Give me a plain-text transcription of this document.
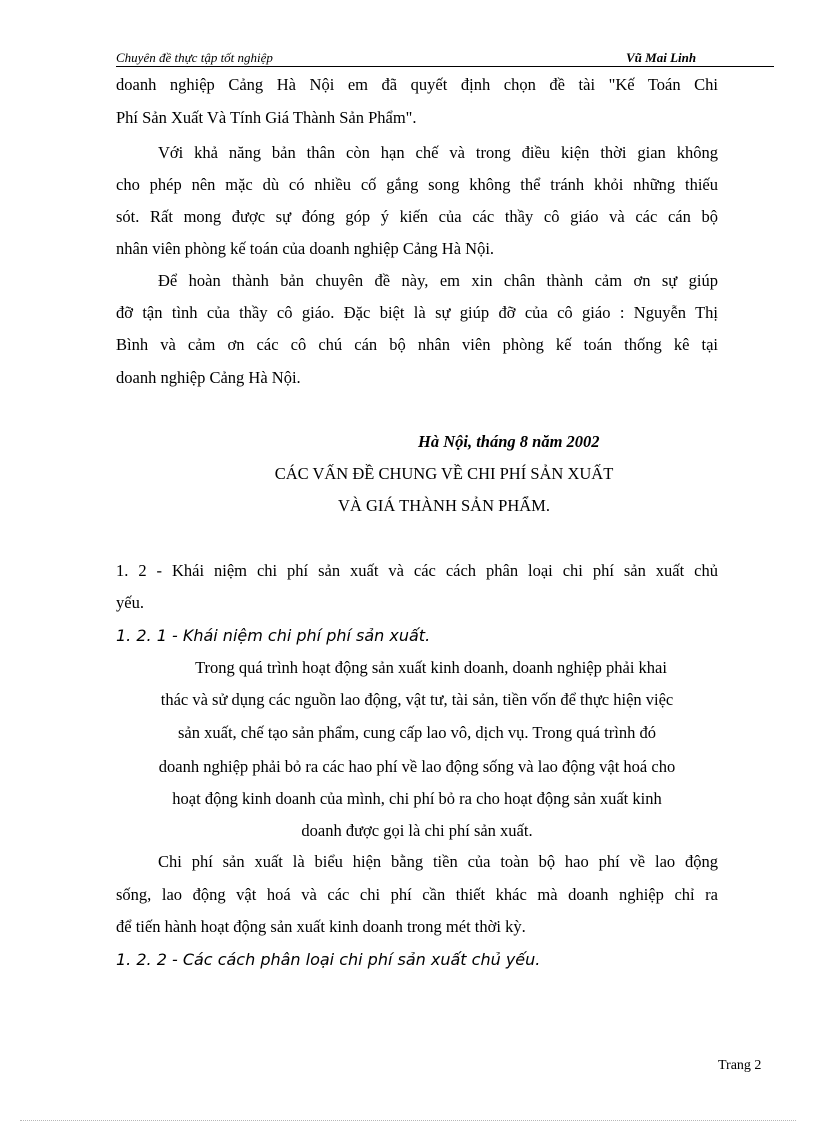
Chuyên đề thực tập tốt nghiệp	Vũ Mai Linh
doanh nghiệp Cảng Hà Nội em đã quyết định chọn đề tài "Kế Toán Chi
Phí Sản Xuất Và Tính Giá Thành Sản Phẩm".
Với khả năng bản thân còn hạn chế và trong điều kiện thời gian không
cho phép nên mặc dù có nhiều cố gắng song không thể tránh khỏi những thiếu
sót. Rất mong được sự đóng góp ý kiến của các thầy cô giáo và các cán bộ
nhân viên phòng kế toán của doanh nghiệp Cảng Hà Nội.
Để hoàn thành bản chuyên đề này, em xin chân thành cảm ơn sự giúp
đỡ tận tình của thầy cô giáo. Đặc biệt là sự giúp đỡ của cô giáo : Nguyễn Thị
Bình và cảm ơn các cô chú cán bộ nhân viên phòng kế toán thống kê tại
doanh nghiệp Cảng Hà Nội.
Hà Nội, tháng 8 năm 2002
CÁC VẤN ĐỀ CHUNG VỀ CHI PHÍ SẢN XUẤT
VÀ GIÁ THÀNH SẢN PHẨM.
1. 2 - Khái niệm chi phí sản xuất và các cách phân loại chi phí sản xuất chủ
yếu.
1. 2. 1 - Khái niệm chi phí phí sản xuất.
Trong quá trình hoạt động sản xuất kinh doanh, doanh nghiệp phải khai
thác và sử dụng các nguồn lao động, vật tư, tài sản, tiền vốn để thực hiện việc
sản xuất, chế tạo sản phẩm, cung cấp lao vô, dịch vụ. Trong quá trình đó
doanh nghiệp phải bỏ ra các hao phí về lao động sống và lao động vật hoá cho
hoạt động kinh doanh của mình, chi phí bỏ ra cho hoạt động sản xuất kinh
doanh được gọi là chi phí sản xuất.
Chi phí sản xuất là biểu hiện bằng tiền của toàn bộ hao phí về lao động
sống, lao động vật hoá và các chi phí cần thiết khác mà doanh nghiệp chỉ ra
để tiến hành hoạt động sản xuất kinh doanh trong mét thời kỳ.
1. 2. 2 - Các cách phân loại chi phí sản xuất chủ yếu.
Trang 2
